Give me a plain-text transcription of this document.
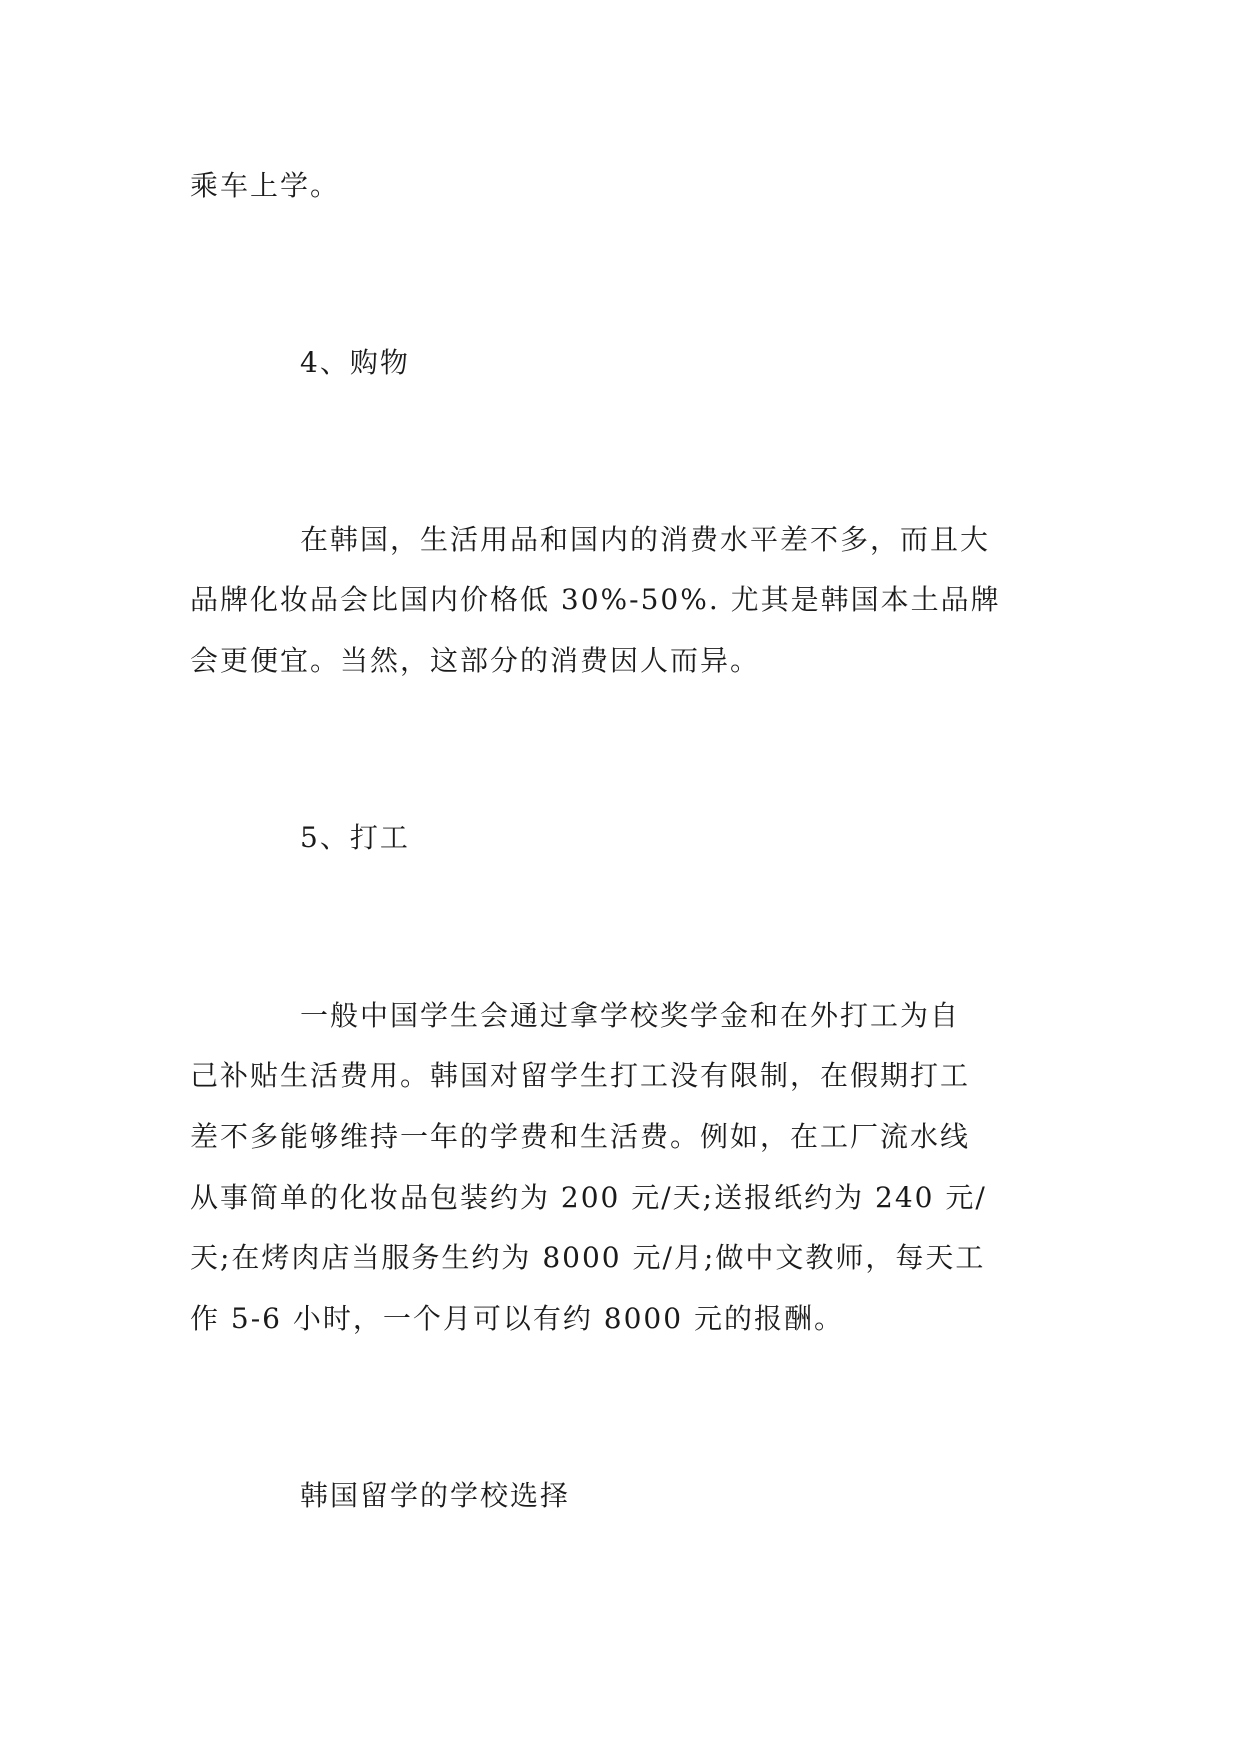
乘车上学。

4、购物

在韩国，生活用品和国内的消费水平差不多，而且大

品牌化妆品会比国内价格低 30%-50%. 尤其是韩国本土品牌

会更便宜。当然，这部分的消费因人而异。

5、打工

一般中国学生会通过拿学校奖学金和在外打工为自

己补贴生活费用。韩国对留学生打工没有限制，在假期打工

差不多能够维持一年的学费和生活费。例如，在工厂流水线

从事简单的化妆品包装约为 200 元/天;送报纸约为 240 元/

天;在烤肉店当服务生约为 8000 元/月;做中文教师，每天工

作 5-6 小时，一个月可以有约 8000 元的报酬。

韩国留学的学校选择
